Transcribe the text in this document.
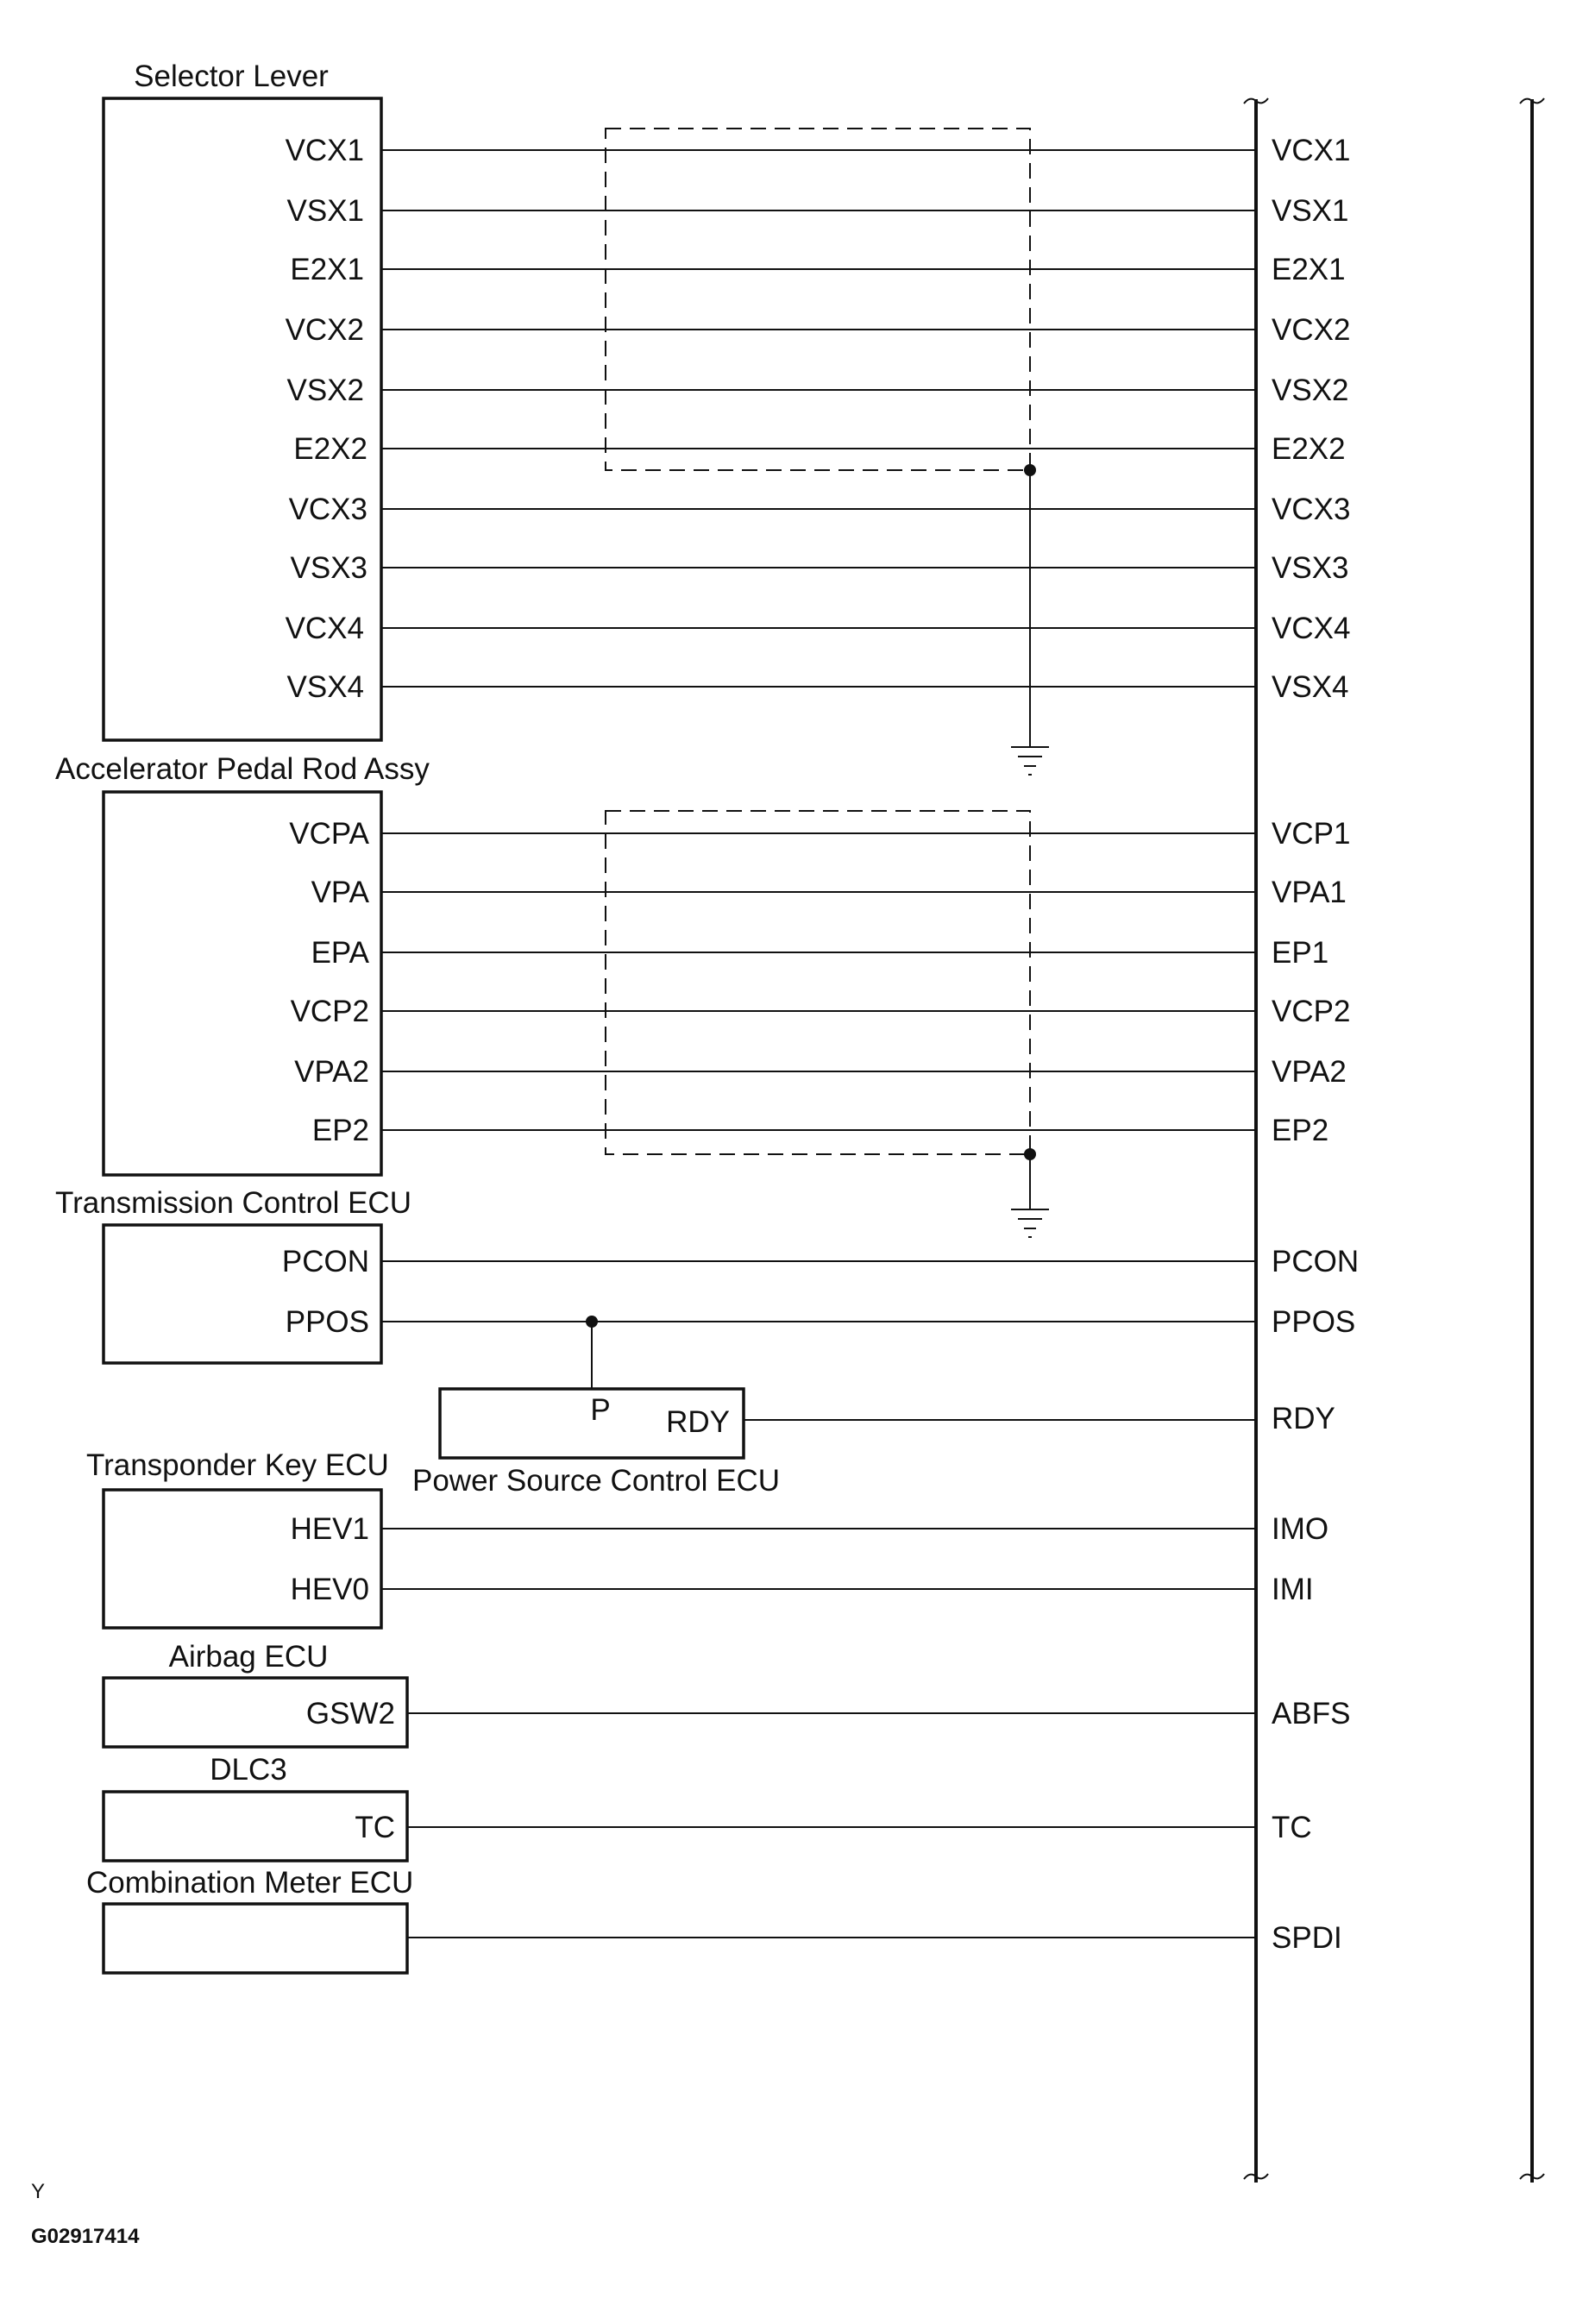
Selector Lever
Accelerator Pedal Rod Assy
Transmission Control ECU
Power Source Control ECU
Transponder Key ECU
Airbag ECU
DLC3
Combination Meter ECU
VCX1
VSX1
E2X1
VCX2
VSX2
E2X2
VCX3
VSX3
VCX4
VSX4
VCPA
VPA
EPA
VCP2
VPA2
EP2
PCON
PPOS
P RDY
HEV1
HEV0
GSW2
TC
VCX1
VSX1
E2X1
VCX2
VSX2
E2X2
VCX3
VSX3
VCX4
VSX4
VCP1
VPA1
EP1
VCP2
VPA2
EP2
PCON
PPOS
RDY
IMO
IMI
ABFS
TC
SPDI
Y
G02917414
